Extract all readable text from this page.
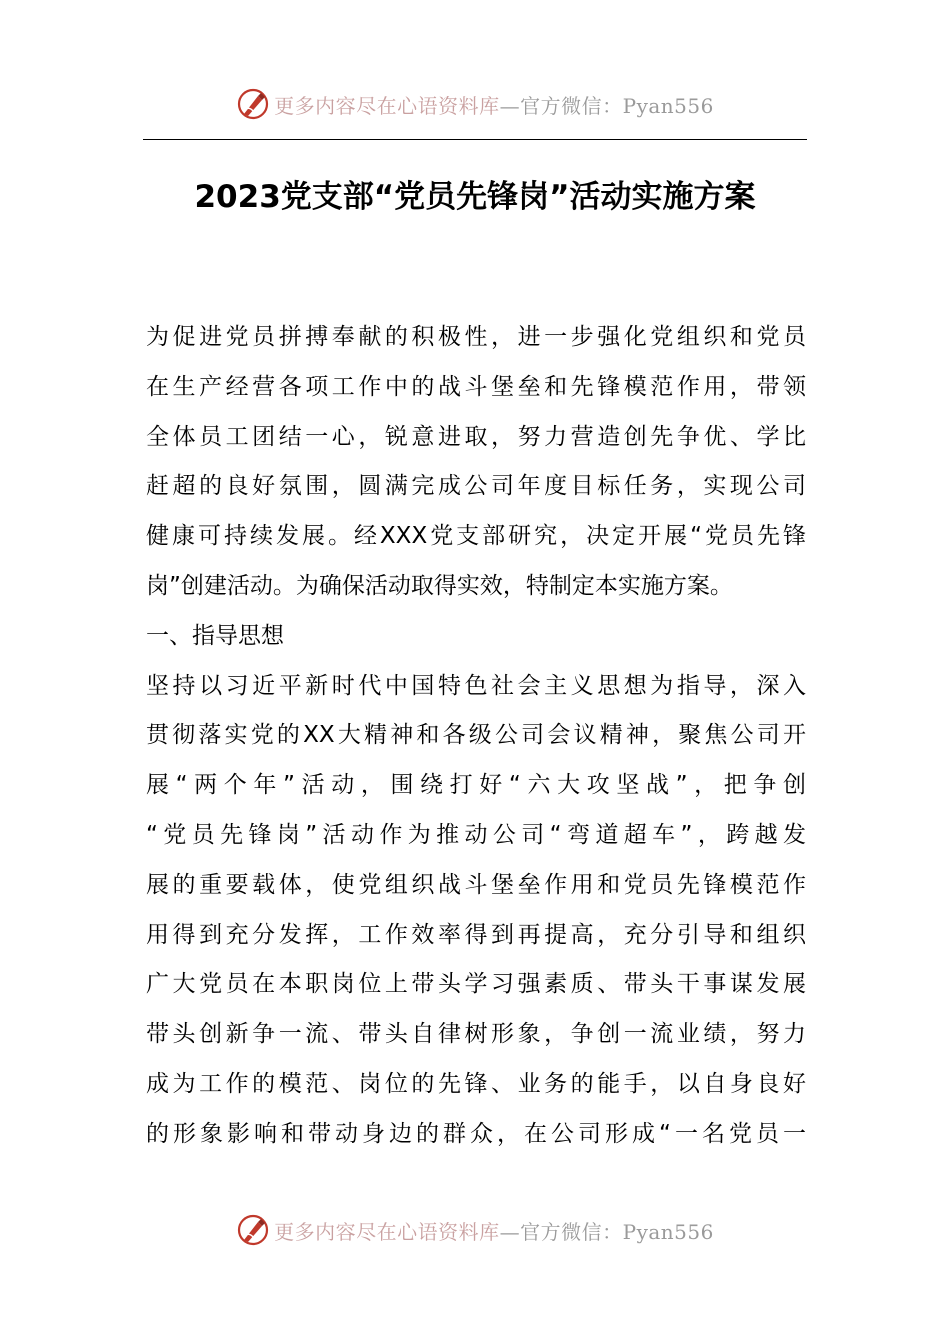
更多内容尽在心语资料库—官方微信：Pyan556
2023党支部“党员先锋岗”活动实施方案
为促进党员拼搏奉献的积极性，进一步强化党组织和党员
在生产经营各项工作中的战斗堡垒和先锋模范作用，带领
全体员工团结一心，锐意进取，努力营造创先争优、学比
赶超的良好氛围，圆满完成公司年度目标任务，实现公司
健康可持续发展。经XXX党支部研究，决定开展“党员先锋
岗”创建活动。为确保活动取得实效，特制定本实施方案。
一、指导思想
坚持以习近平新时代中国特色社会主义思想为指导，深入
贯彻落实党的XX大精神和各级公司会议精神，聚焦公司开
展“两个年”活动，围绕打好“六大攻坚战”，把争创
“党员先锋岗”活动作为推动公司“弯道超车”，跨越发
展的重要载体，使党组织战斗堡垒作用和党员先锋模范作
用得到充分发挥，工作效率得到再提高，充分引导和组织
广大党员在本职岗位上带头学习强素质、带头干事谋发展
带头创新争一流、带头自律树形象，争创一流业绩，努力
成为工作的模范、岗位的先锋、业务的能手，以自身良好
的形象影响和带动身边的群众，在公司形成“一名党员一
更多内容尽在心语资料库—官方微信：Pyan556
